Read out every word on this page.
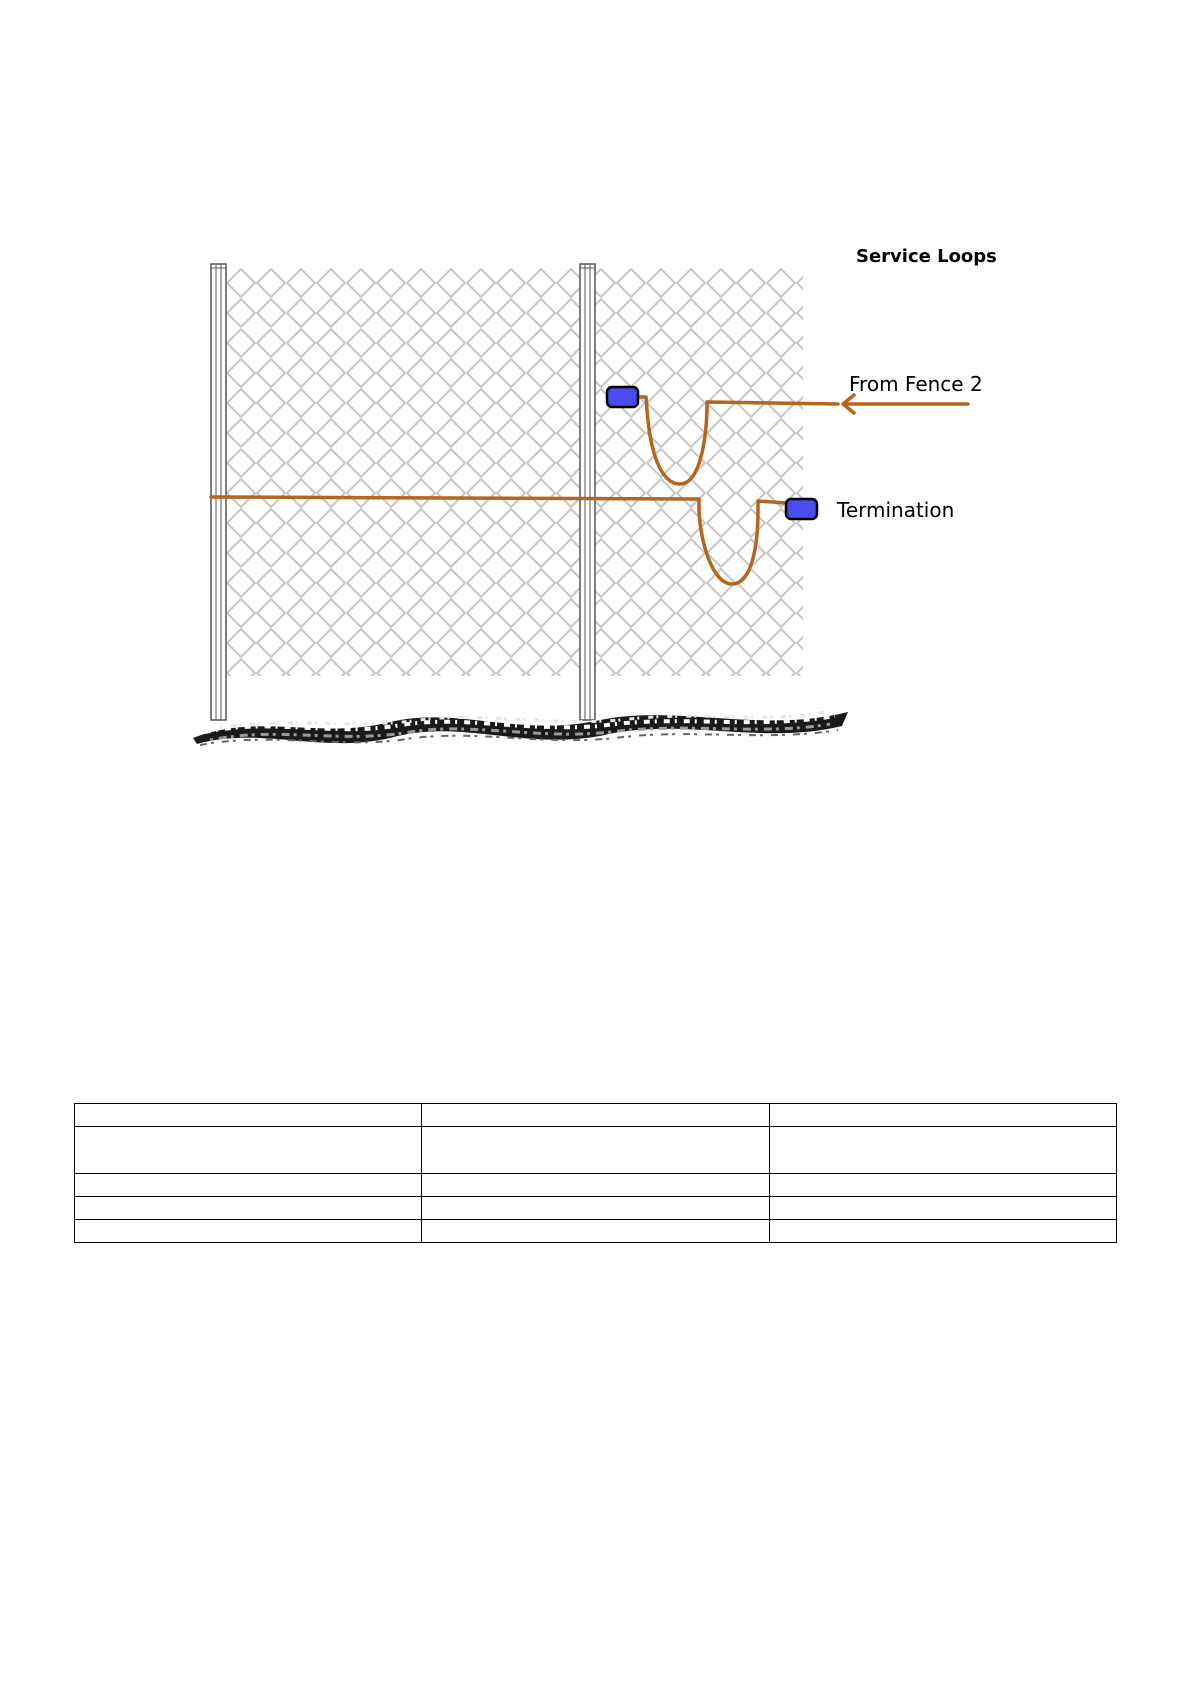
Service Loops
From Fence 2
Termination
